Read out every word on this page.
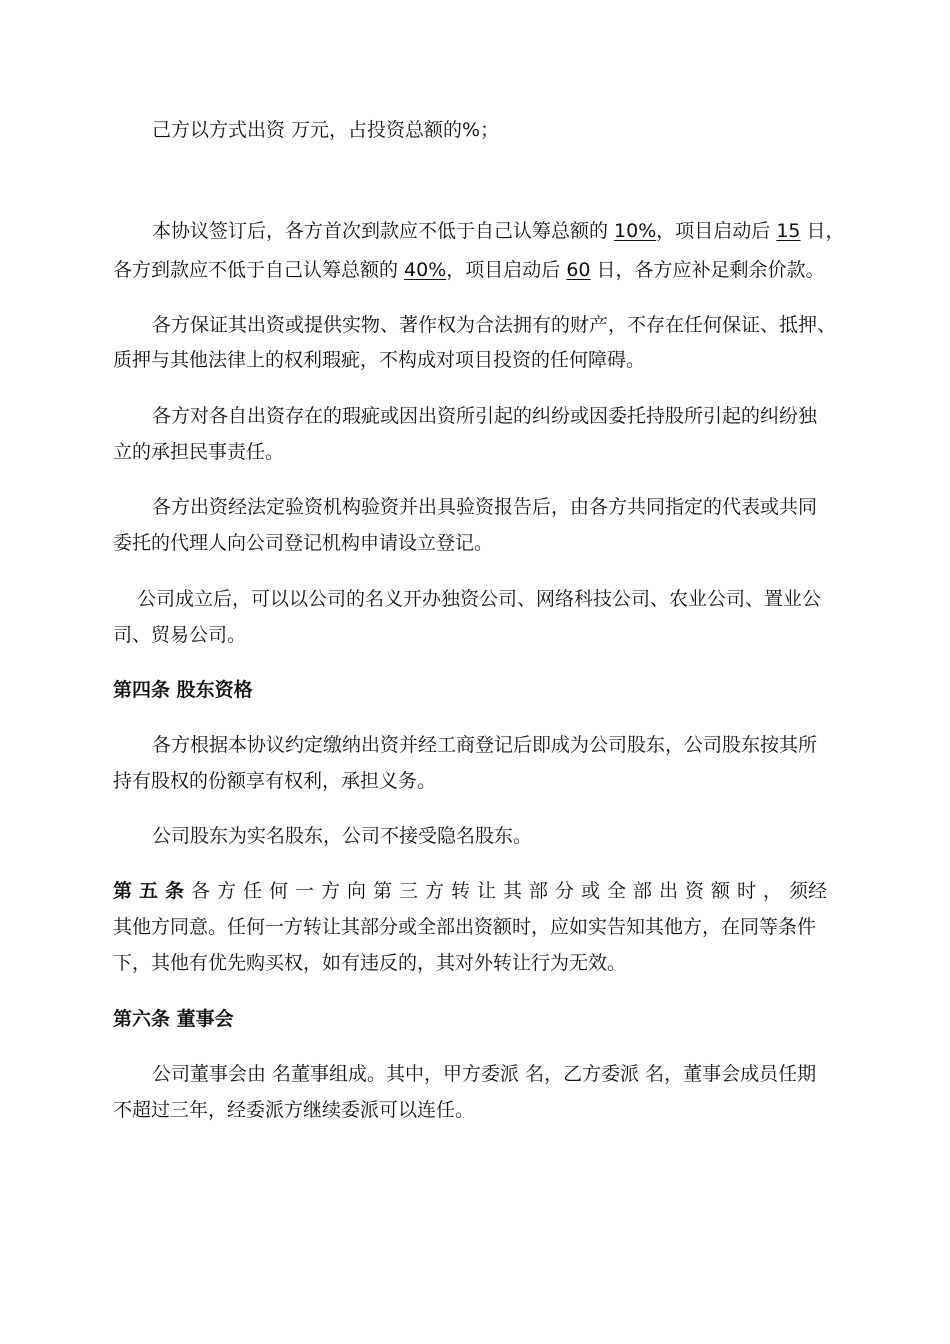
己方以方式出资 万元，占投资总额的%；
本协议签订后，各方首次到款应不低于自己认筹总额的 10%，项目启动后 15 日，
各方到款应不低于自己认筹总额的 40%，项目启动后 60 日，各方应补足剩余价款。
各方保证其出资或提供实物、著作权为合法拥有的财产，不存在任何保证、抵押、
质押与其他法律上的权利瑕疵，不构成对项目投资的任何障碍。
各方对各自出资存在的瑕疵或因出资所引起的纠纷或因委托持股所引起的纠纷独
立的承担民事责任。
各方出资经法定验资机构验资并出具验资报告后，由各方共同指定的代表或共同
委托的代理人向公司登记机构申请设立登记。
公司成立后，可以以公司的名义开办独资公司、网络科技公司、农业公司、置业公
司、贸易公司。
第四条 股东资格
各方根据本协议约定缴纳出资并经工商登记后即成为公司股东，公司股东按其所
持有股权的份额享有权利，承担义务。
公司股东为实名股东，公司不接受隐名股东。
第五条各方任何一方向第三方转让其部分或全部出资额时，须经
其他方同意。任何一方转让其部分或全部出资额时，应如实告知其他方，在同等条件
下，其他有优先购买权，如有违反的，其对外转让行为无效。
第六条 董事会
公司董事会由 名董事组成。其中，甲方委派 名，乙方委派 名，董事会成员任期
不超过三年，经委派方继续委派可以连任。
